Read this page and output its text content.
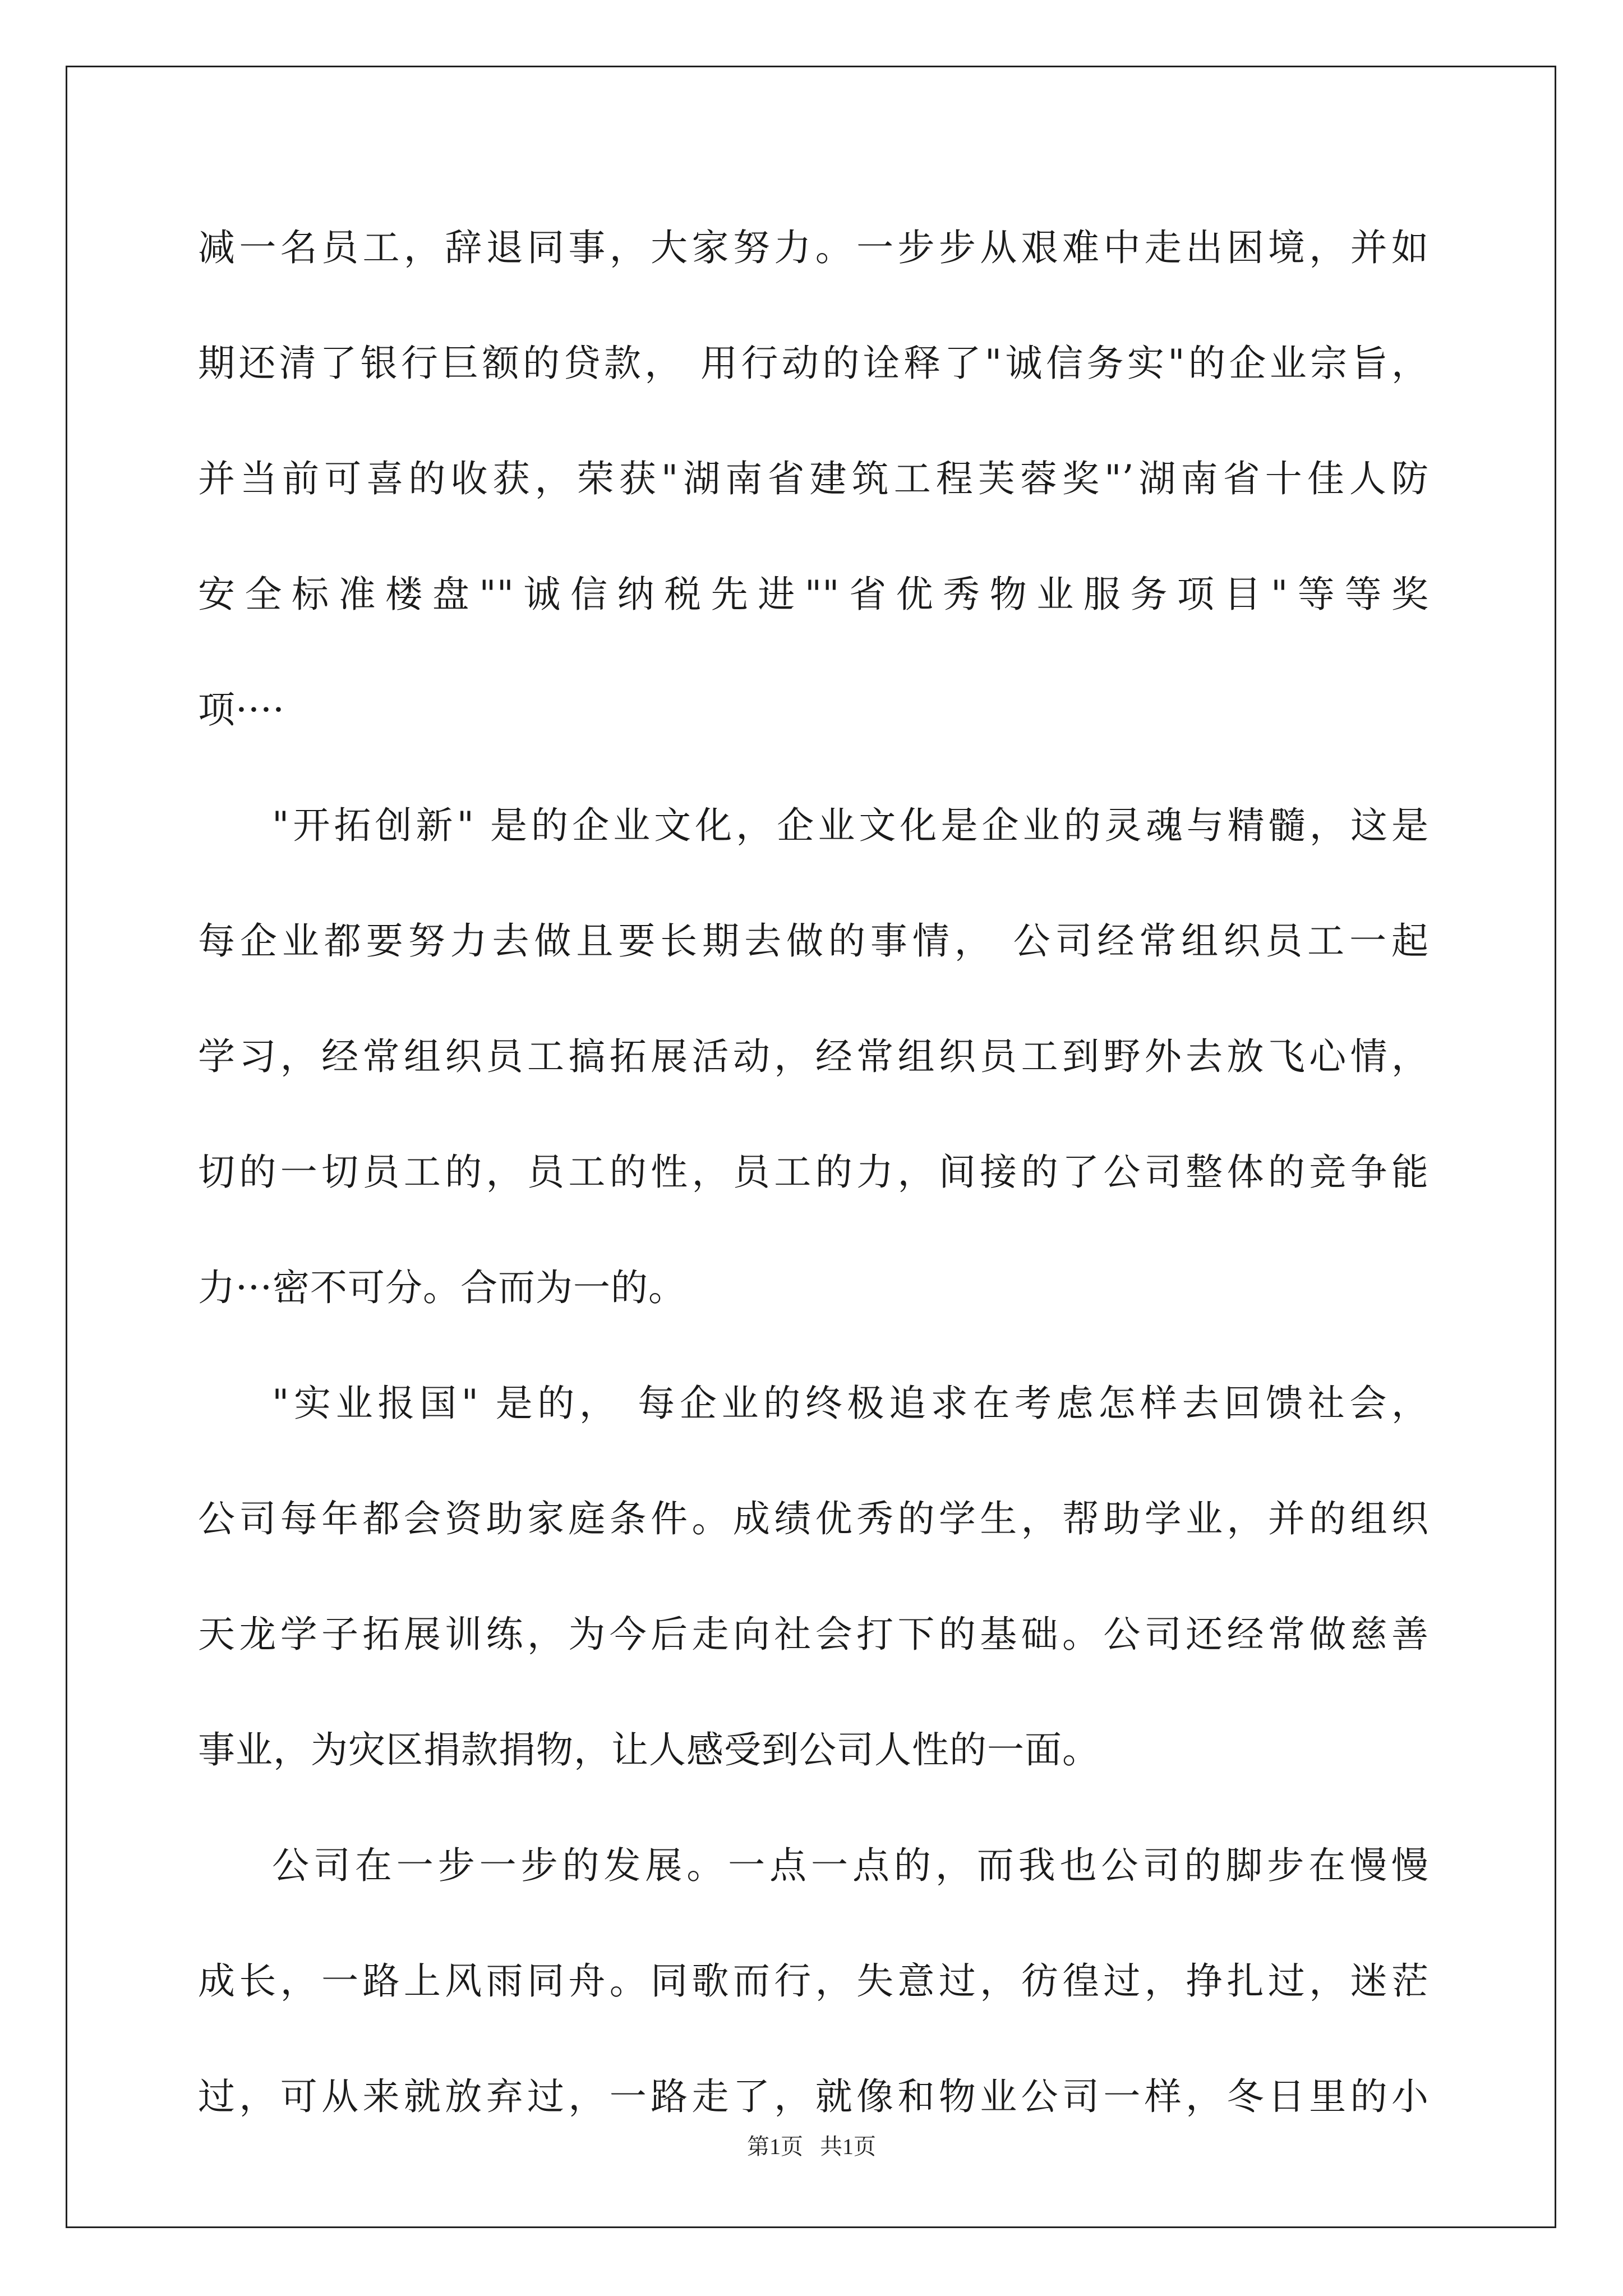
减一名员工，辞退同事，大家努力。一步步从艰难中走出困境，并如
期还清了银行巨额的贷款， 用行动的诠释了"诚信务实"的企业宗旨，
并当前可喜的收获，荣获"湖南省建筑工程芙蓉奖"’湖南省十佳人防
安全标准楼盘""诚信纳税先进""省优秀物业服务项目"等等奖
项····
"开拓创新" 是的企业文化，企业文化是企业的灵魂与精髓，这是
每企业都要努力去做且要长期去做的事情， 公司经常组织员工一起
学习，经常组织员工搞拓展活动，经常组织员工到野外去放飞心情，
切的一切员工的，员工的性，员工的力，间接的了公司整体的竞争能
力···密不可分。合而为一的。
"实业报国" 是的， 每企业的终极追求在考虑怎样去回馈社会，
公司每年都会资助家庭条件。成绩优秀的学生，帮助学业，并的组织
天龙学子拓展训练，为今后走向社会打下的基础。公司还经常做慈善
事业，为灾区捐款捐物，让人感受到公司人性的一面。
公司在一步一步的发展。一点一点的，而我也公司的脚步在慢慢
成长，一路上风雨同舟。同歌而行，失意过，彷徨过，挣扎过，迷茫
过，可从来就放弃过，一路走了，就像和物业公司一样，冬日里的小
第1页   共1页
